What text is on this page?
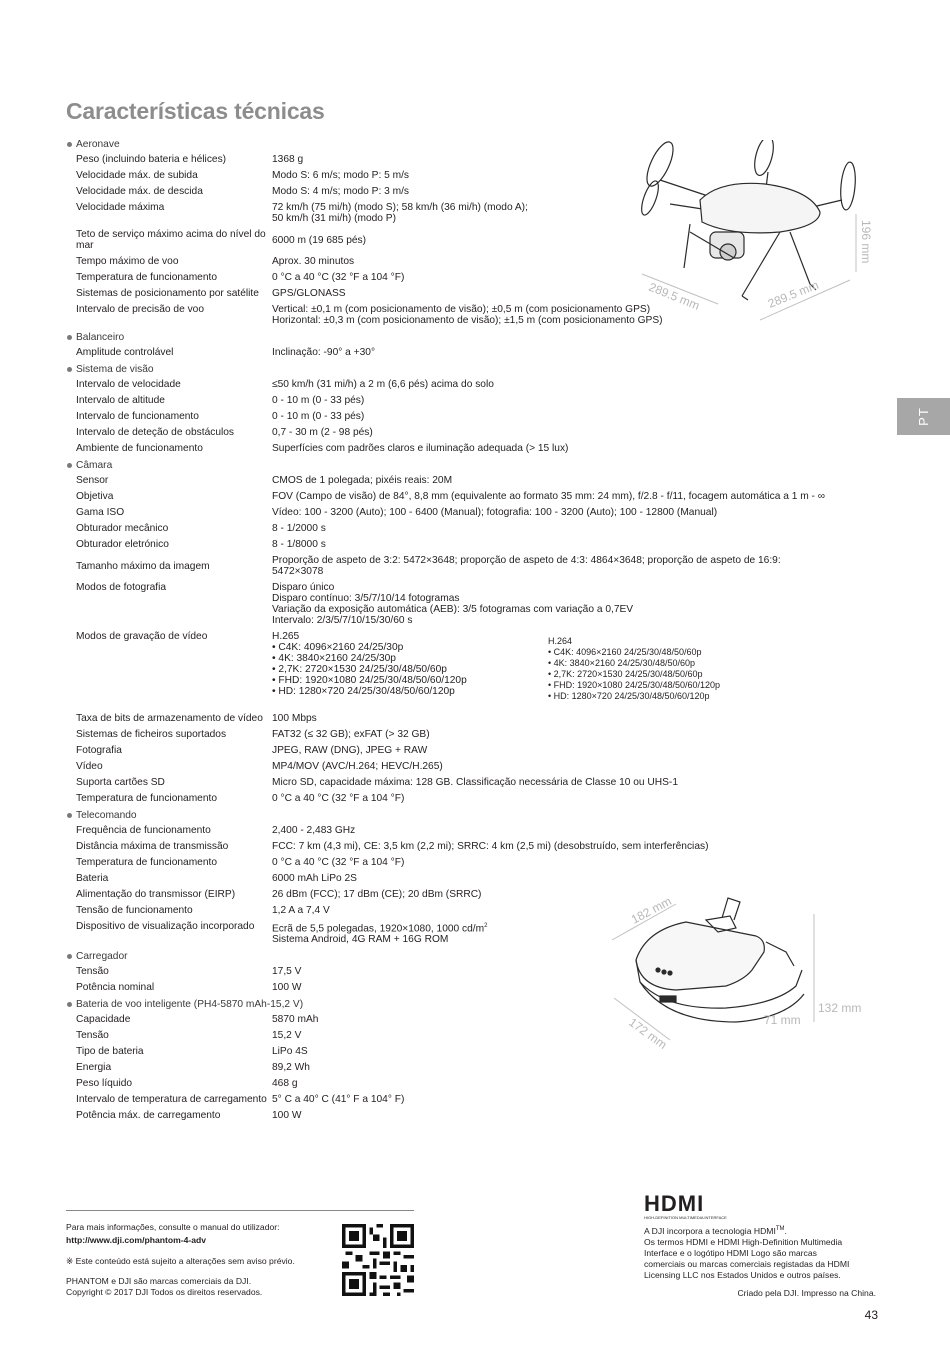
Características técnicas
Aeronave
Peso (incluindo bateria e hélices)	1368 g
Velocidade máx. de subida	Modo S: 6 m/s; modo P: 5 m/s
Velocidade máx. de descida	Modo S: 4 m/s; modo P: 3 m/s
Velocidade máxima	72 km/h (75 mi/h) (modo S); 58 km/h (36 mi/h) (modo A);
50 km/h (31 mi/h) (modo P)
Teto de serviço máximo acima do nível do mar	6000 m (19 685 pés)
Tempo máximo de voo	Aprox. 30 minutos
Temperatura de funcionamento	0 °C a 40 °C (32 °F a 104 °F)
Sistemas de posicionamento por satélite	GPS/GLONASS
Intervalo de precisão de voo	Vertical: ±0,1 m (com posicionamento de visão); ±0,5 m (com posicionamento GPS)
Horizontal: ±0,3 m (com posicionamento de visão); ±1,5 m (com posicionamento GPS)
Balanceiro
Amplitude controlável	Inclinação: -90° a +30°
Sistema de visão
Intervalo de velocidade	≤50 km/h (31 mi/h) a 2 m (6,6 pés) acima do solo
Intervalo de altitude	0 - 10 m (0 - 33 pés)
Intervalo de funcionamento	0 - 10 m (0 - 33 pés)
Intervalo de deteção de obstáculos	0,7 - 30 m (2 - 98 pés)
Ambiente de funcionamento	Superfícies com padrões claros e iluminação adequada (> 15 lux)
Câmara
Sensor	CMOS de 1 polegada; pixéis reais: 20M
Objetiva	FOV (Campo de visão) de 84°, 8,8 mm (equivalente ao formato 35 mm: 24 mm), f/2.8 - f/11, focagem automática a 1 m - ∞
Gama ISO	Vídeo: 100 - 3200 (Auto); 100 - 6400 (Manual); fotografia: 100 - 3200 (Auto); 100 - 12800 (Manual)
Obturador mecânico	8 - 1/2000 s
Obturador eletrónico	8 - 1/8000 s
Tamanho máximo da imagem	Proporção de aspeto de 3:2: 5472×3648; proporção de aspeto de 4:3: 4864×3648; proporção de aspeto de 16:9:
5472×3078
Modos de fotografia	Disparo único
Disparo contínuo: 3/5/7/10/14 fotogramas
Variação da exposição automática (AEB): 3/5 fotogramas com variação a 0,7EV
Intervalo: 2/3/5/7/10/15/30/60 s
Modos de gravação de vídeo	H.265
• C4K: 4096×2160 24/25/30p
• 4K: 3840×2160 24/25/30p
• 2,7K: 2720×1530 24/25/30/48/50/60p
• FHD: 1920×1080 24/25/30/48/50/60/120p
• HD: 1280×720 24/25/30/48/50/60/120p
H.264
• C4K: 4096×2160 24/25/30/48/50/60p
• 4K: 3840×2160 24/25/30/48/50/60p
• 2,7K: 2720×1530 24/25/30/48/50/60p
• FHD: 1920×1080 24/25/30/48/50/60/120p
• HD: 1280×720 24/25/30/48/50/60/120p
Taxa de bits de armazenamento de vídeo 100 Mbps
Sistemas de ficheiros suportados	FAT32 (≤ 32 GB); exFAT (> 32 GB)
Fotografia	JPEG, RAW (DNG), JPEG + RAW
Vídeo	MP4/MOV (AVC/H.264; HEVC/H.265)
Suporta cartões SD	Micro SD, capacidade máxima: 128 GB. Classificação necessária de Classe 10 ou UHS-1
Temperatura de funcionamento	0 °C a 40 °C (32 °F a 104 °F)
Telecomando
Frequência de funcionamento	2,400 - 2,483 GHz
Distância máxima de transmissão	FCC: 7 km (4,3 mi), CE: 3,5 km (2,2 mi); SRRC: 4 km (2,5 mi) (desobstruído, sem interferências)
Temperatura de funcionamento	0 °C a 40 °C (32 °F a 104 °F)
Bateria	6000 mAh LiPo 2S
Alimentação do transmissor (EIRP)	26 dBm (FCC); 17 dBm (CE); 20 dBm (SRRC)
Tensão de funcionamento	1,2 A a 7,4 V
Dispositivo de visualização incorporado	Ecrã de 5,5 polegadas, 1920×1080, 1000 $cd/m^2$
Sistema Android, 4G RAM + 16G ROM
Carregador
Tensão	17,5 V
Potência nominal	100 W
Bateria de voo inteligente (PH4-5870 mAh-15,2 V)
Capacidade	5870 mAh
Tensão	15,2 V
Tipo de bateria	LiPo 4S
Energia	89,2 Wh
Peso líquido	468 g
Intervalo de temperatura de carregamento 5° C a 40° C (41° F a 104° F)
Potência máx. de carregamento	100 W
196 mm
289.5 mm	289.5 mm
182 mm
172 mm
132 mm
71 mm
PT
Para mais informações, consulte o manual do utilizador:
http://www.dji.com/phantom-4-adv
※ Este conteúdo está sujeito a alterações sem aviso prévio.
PHANTOM e DJI são marcas comerciais da DJI.
Copyright © 2017 DJI Todos os direitos reservados.
HDMI
HIGH-DEFINITION MULTIMEDIA INTERFACE
A DJI incorpora a tecnologia HDMI™.
Os termos HDMI e HDMI High-Definition Multimedia
Interface e o logótipo HDMI Logo são marcas
comerciais ou marcas comerciais registadas da HDMI
Licensing LLC nos Estados Unidos e outros países.
Criado pela DJI. Impresso na China.
43
